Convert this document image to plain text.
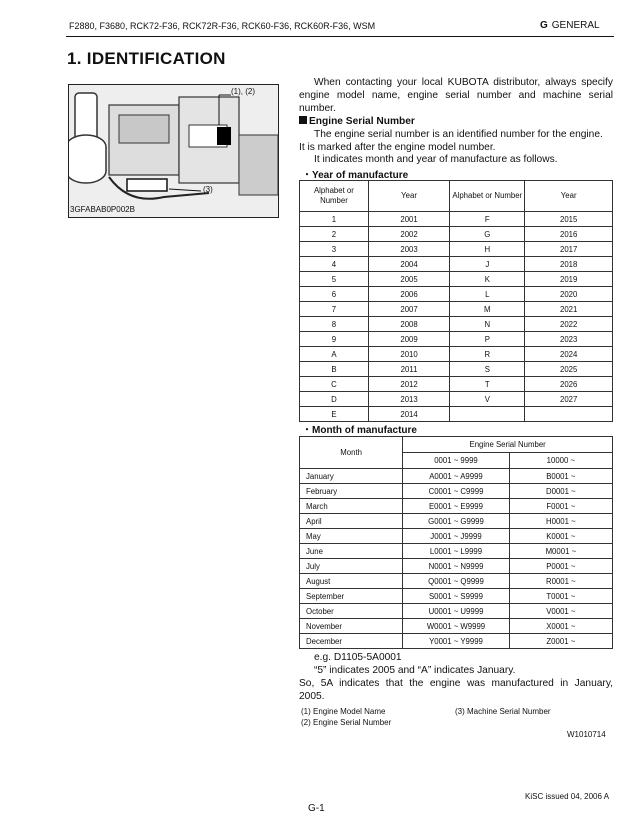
F2880, F3680, RCK72-F36, RCK72R-F36, RCK60-F36, RCK60R-F36, WSM	G GENERAL
1. IDENTIFICATION
(1), (2)
(3)
3GFABAB0P002B
When contacting your local KUBOTA distributor, always specify
engine model name, engine serial number and machine serial
number.
Engine Serial Number
The engine serial number is an identified number for the engine.
It is marked after the engine model number.
It indicates month and year of manufacture as follows.
・Year of manufacture
Alphabet or Number	Year	Alphabet or Number	Year
1	2001	F	2015
2	2002	G	2016
3	2003	H	2017
4	2004	J	2018
5	2005	K	2019
6	2006	L	2020
7	2007	M	2021
8	2008	N	2022
9	2009	P	2023
A	2010	R	2024
B	2011	S	2025
C	2012	T	2026
D	2013	V	2027
E	2014		
・Month of manufacture
Month	Engine Serial Number	
	0001 ~ 9999	10000 ~
January	A0001 ~ A9999	B0001 ~
February	C0001 ~ C9999	D0001 ~
March	E0001 ~ E9999	F0001 ~
April	G0001 ~ G9999	H0001 ~
May	J0001 ~ J9999	K0001 ~
June	L0001 ~ L9999	M0001 ~
July	N0001 ~ N9999	P0001 ~
August	Q0001 ~ Q9999	R0001 ~
September	S0001 ~ S9999	T0001 ~
October	U0001 ~ U9999	V0001 ~
November	W0001 ~ W9999	X0001 ~
December	Y0001 ~ Y9999	Z0001 ~
e.g. D1105-5A0001
“5” indicates 2005 and “A” indicates January.
So, 5A indicates that the engine was manufactured in January,
2005.
(1) Engine Model Name
(2) Engine Serial Number
(3) Machine Serial Number
W1010714
KiSC issued 04, 2006 A
G-1
